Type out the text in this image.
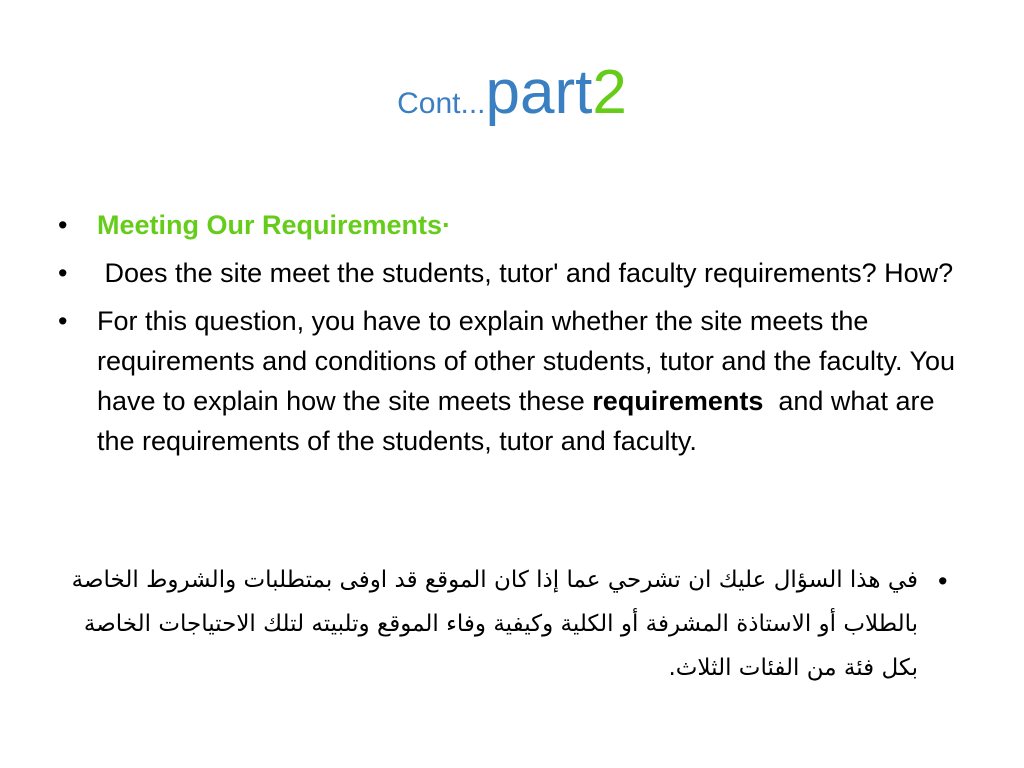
Cont...part2
• Meeting Our Requirements·
• Does the site meet the students, tutor' and faculty requirements? How?
• For this question, you have to explain whether the site meets the requirements and conditions of other students, tutor and the faculty. You have to explain how the site meets these requirements  and what are the requirements of the students, tutor and faculty.
•
في هذا السؤال عليك ان تشرحي عما إذا كان الموقع قد اوفى بمتطلبات والشروط الخاصة بالطلاب أو الاستاذة المشرفة أو الكلية وكيفية وفاء الموقع وتلبيته لتلك الاحتياجات الخاصة بكل فئة من الفئات الثلاث.
